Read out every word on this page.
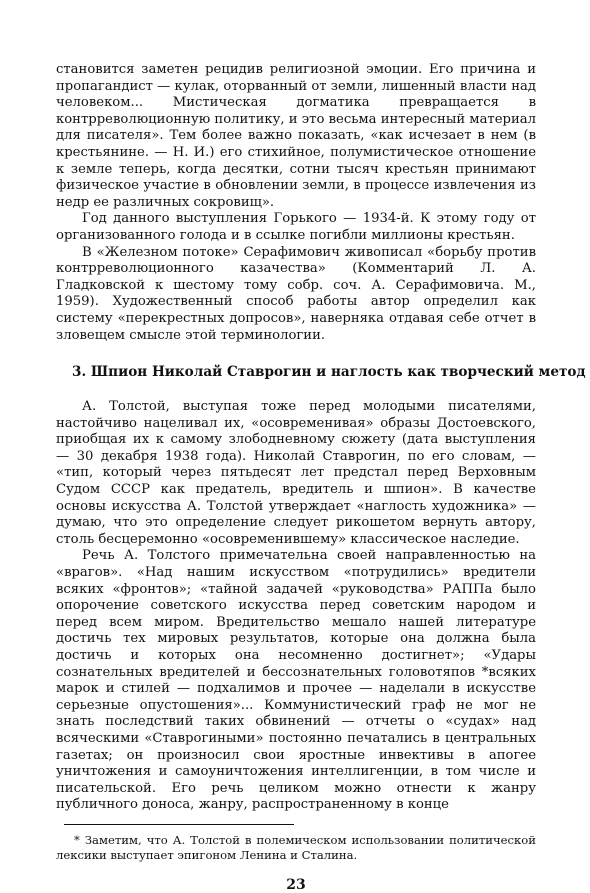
становится заметен рецидив религиозной эмоции. Его причина и пропагандист — кулак, оторванный от земли, лишенный власти над человеком... Мистическая догматика превращается в контрреволюционную политику, и это весьма интересный материал для писателя». Тем более важно показать, «как исчезает в нем (в крестьянине. — Н. И.) его стихийное, полумистическое отношение к земле теперь, когда десятки, сотни тысяч крестьян принимают физическое участие в обновлении земли, в процессе извлечения из недр ее различных сокровищ».

Год данного выступления Горького — 1934-й. К этому году от организованного голода и в ссылке погибли миллионы крестьян.

В «Железном потоке» Серафимович живописал «борьбу против контрреволюционного казачества» (Комментарий Л. А. Гладковской к шестому тому собр. соч. А. Серафимовича. М., 1959). Художественный способ работы автор определил как систему «перекрестных допросов», наверняка отдавая себе отчет в зловещем смысле этой терминологии.

3. Шпион Николай Ставрогин и наглость как творческий метод

А. Толстой, выступая тоже перед молодыми писателями, настойчиво нацеливал их, «осовременивая» образы Достоевского, приобщая их к самому злободневному сюжету (дата выступления — 30 декабря 1938 года). Николай Ставрогин, по его словам, — «тип, который через пятьдесят лет предстал перед Верховным Судом СССР как предатель, вредитель и шпион». В качестве основы искусства А. Толстой утверждает «наглость художника» — думаю, что это определение следует рикошетом вернуть автору, столь бесцеремонно «осовременившему» классическое наследие.

Речь А. Толстого примечательна своей направленностью на «врагов». «Над нашим искусством «потрудились» вредители всяких «фронтов»; «тайной задачей «руководства» РАППа было опорочение советского искусства перед советским народом и перед всем миром. Вредительство мешало нашей литературе достичь тех мировых результатов, которые она должна была достичь и которых она несомненно достигнет»; «Удары сознательных вредителей и бессознательных головотяпов *всяких марок и стилей — подхалимов и прочее — наделали в искусстве серьезные опустошения»... Коммунистический граф не мог не знать последствий таких обвинений — отчеты о «судах» над всяческими «Ставрогиными» постоянно печатались в центральных газетах; он произносил свои яростные инвективы в апогее уничтожения и самоуничтожения интеллигенции, в том числе и писательской. Его речь целиком можно отнести к жанру публичного доноса, жанру, распространенному в конце

* Заметим, что А. Толстой в полемическом использовании политической лексики выступает эпигоном Ленина и Сталина.
23
